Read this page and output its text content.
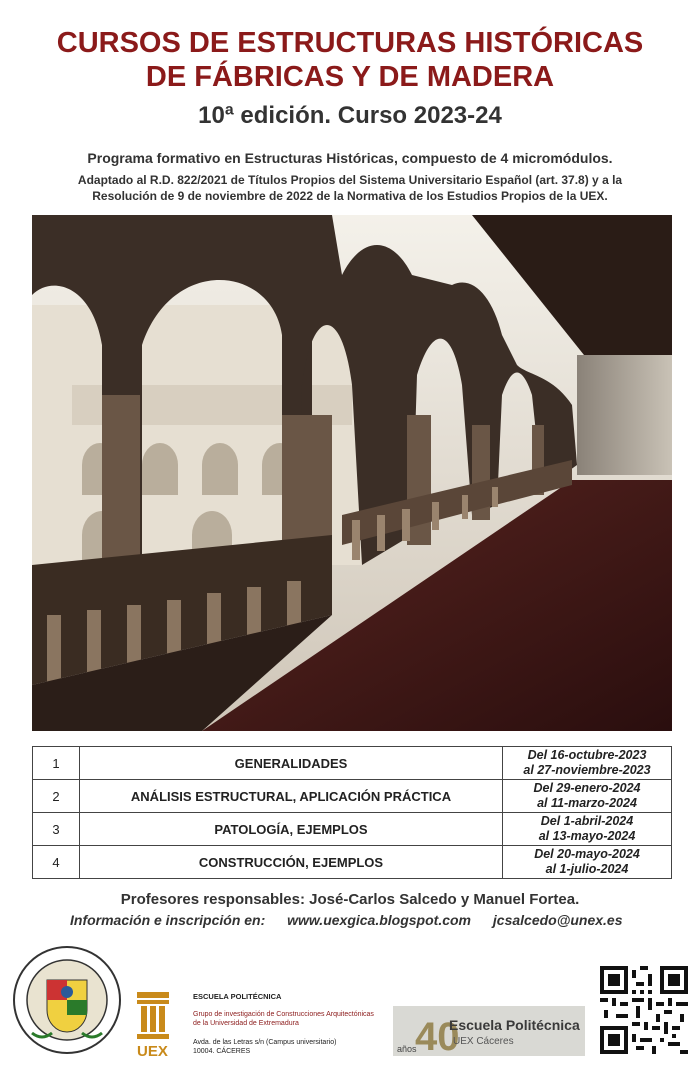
CURSOS DE ESTRUCTURAS HISTÓRICAS
DE FÁBRICAS Y DE MADERA
10ª edición. Curso 2023-24
Programa formativo en Estructuras Históricas, compuesto de 4 micromódulos.
Adaptado al R.D. 822/2021 de Títulos Propios del Sistema Universitario Español (art. 37.8) y a la
Resolución de 9 de noviembre de 2022 de la Normativa de los Estudios Propios de la UEX.
1	GENERALIDADES	Del 16-octubre-2023
al 27-noviembre-2023

2	ANÁLISIS ESTRUCTURAL, APLICACIÓN PRÁCTICA	Del 29-enero-2024
al 11-marzo-2024

3	PATOLOGÍA, EJEMPLOS	Del 1-abril-2024
al 13-mayo-2024

4	CONSTRUCCIÓN, EJEMPLOS	Del 20-mayo-2024
al 1-julio-2024
Profesores responsables: José-Carlos Salcedo y Manuel Fortea.
Información e inscripción en: www.uexgica.blogspot.com jcsalcedo@unex.es
UEX
ESCUELA POLITÉCNICA
Grupo de investigación de Construcciones Arquitectónicas
de la Universidad de Extremadura
Avda. de las Letras s/n (Campus universitario)
10004. CÁCERES	años
40
Escuela Politécnica
UEX Cáceres
